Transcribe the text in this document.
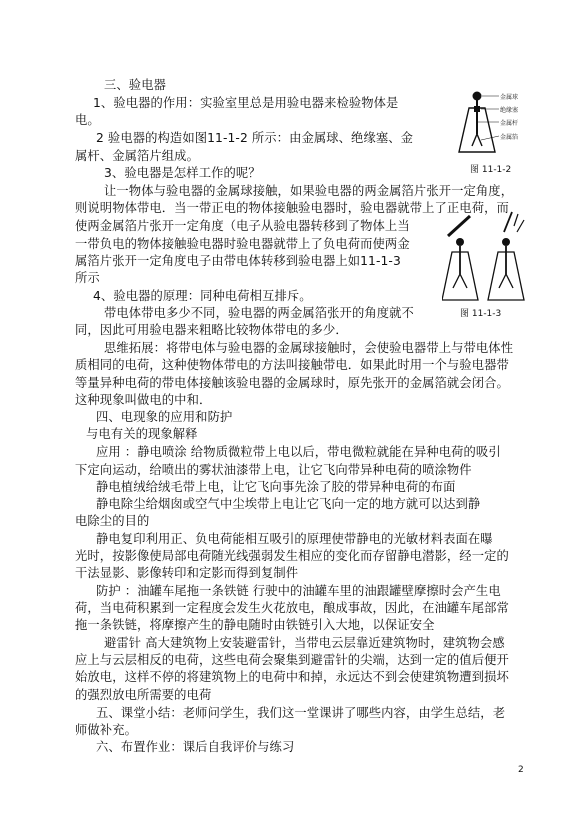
三、验电器
1、验电器的作用：实验室里总是用验电器来检验物体是
电。
2 验电器的构造如图11-1-2 所示：由金属球、绝缘塞、金
属杆、金属箔片组成。
3、验电器是怎样工作的呢？
让一物体与验电器的金属球接触，如果验电器的两金属箔片张开一定角度，
则说明物体带电．当一带正电的物体接触验电器时，验电器就带上了正电荷，而
使两金属箔片张开一定角度（电子从验电器转移到了物体上当
一带负电的物体接触验电器时验电器就带上了负电荷而使两金
属箔片张开一定角度电子由带电体转移到验电器上如11-1-3
所示
4、验电器的原理：同种电荷相互排斥。
带电体带电多少不同，验电器的两金属箔张开的角度就不
同，因此可用验电器来粗略比较物体带电的多少．
思维拓展：将带电体与验电器的金属球接触时，会使验电器带上与带电体性
质相同的电荷，这种使物体带电的方法叫接触带电．如果此时用一个与验电器带
等量异种电荷的带电体接触该验电器的金属球时，原先张开的金属箔就会闭合。
这种现象叫做电的中和．
四、电现象的应用和防护
与电有关的现象解释
应用 ：静电喷涂 给物质微粒带上电以后，带电微粒就能在异种电荷的吸引
下定向运动，给喷出的雾状油漆带上电，让它飞向带异种电荷的喷涂物件
静电植绒给绒毛带上电，让它飞向事先涂了胶的带异种电荷的布面
静电除尘给烟囱或空气中尘埃带上电让它飞向一定的地方就可以达到静
电除尘的目的
静电复印利用正、负电荷能相互吸引的原理使带静电的光敏材料表面在曝
光时，按影像使局部电荷随光线强弱发生相应的变化而存留静电潜影，经一定的
干法显影、影像转印和定影而得到复制件
防护 ：油罐车尾拖一条铁链 行驶中的油罐车里的油跟罐壁摩擦时会产生电
荷，当电荷积累到一定程度会发生火花放电，酿成事故，因此，在油罐车尾部常
拖一条铁链，将摩擦产生的静电随时由铁链引入大地，以保证安全
避雷针 高大建筑物上安装避雷针，当带电云层靠近建筑物时，建筑物会感
应上与云层相反的电荷，这些电荷会聚集到避雷针的尖端，达到一定的值后便开
始放电，这样不停的将建筑物上的电荷中和掉，永远达不到会使建筑物遭到损坏
的强烈放电所需要的电荷
五、课堂小结：老师问学生，我们这一堂课讲了哪些内容，由学生总结，老
师做补充。
六、布置作业：课后自我评价与练习
金属球
绝缘塞
金属杆
金属箔
图 11-1-2
图 11-1-3
2
